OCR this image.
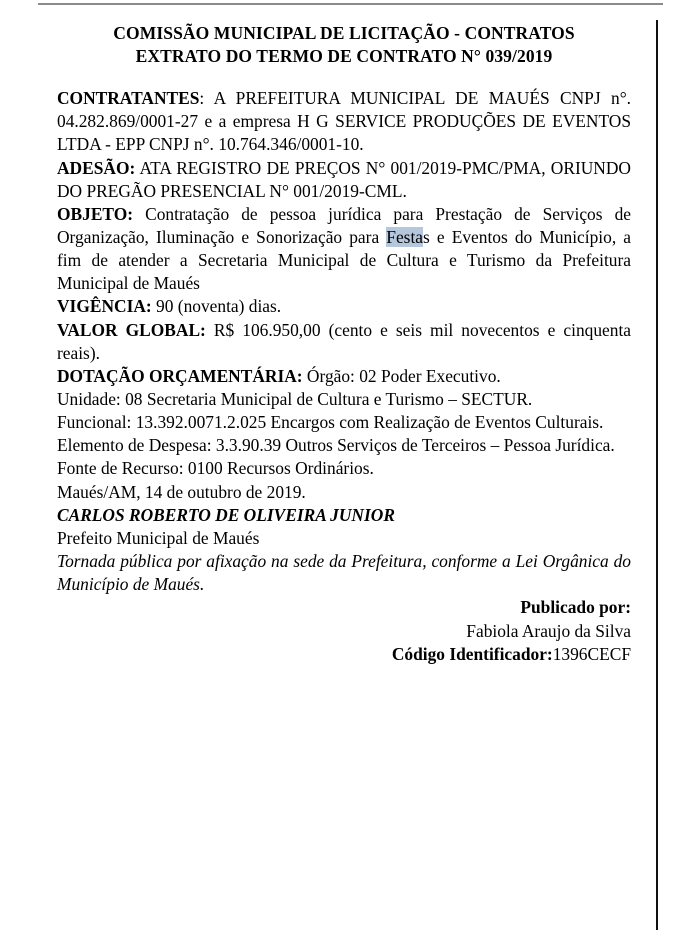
COMISSÃO MUNICIPAL DE LICITAÇÃO - CONTRATOS
EXTRATO DO TERMO DE CONTRATO N° 039/2019

CONTRATANTES: A PREFEITURA MUNICIPAL DE MAUÉS CNPJ n°. 04.282.869/0001-27 e a empresa H G SERVICE PRODUÇÕES DE EVENTOS LTDA - EPP CNPJ n°. 10.764.346/0001-10.

ADESÃO: ATA REGISTRO DE PREÇOS N° 001/2019-PMC/PMA, ORIUNDO DO PREGÃO PRESENCIAL N° 001/2019-CML.

OBJETO: Contratação de pessoa jurídica para Prestação de Serviços de Organização, Iluminação e Sonorização para Festas e Eventos do Município, a fim de atender a Secretaria Municipal de Cultura e Turismo da Prefeitura Municipal de Maués

VIGÊNCIA: 90 (noventa) dias.

VALOR GLOBAL: R$ 106.950,00 (cento e seis mil novecentos e cinquenta reais).

DOTAÇÃO ORÇAMENTÁRIA: Órgão: 02 Poder Executivo.

Unidade: 08 Secretaria Municipal de Cultura e Turismo – SECTUR.

Funcional: 13.392.0071.2.025 Encargos com Realização de Eventos Culturais.

Elemento de Despesa: 3.3.90.39 Outros Serviços de Terceiros – Pessoa Jurídica.

Fonte de Recurso: 0100 Recursos Ordinários.

Maués/AM, 14 de outubro de 2019.

CARLOS ROBERTO DE OLIVEIRA JUNIOR

Prefeito Municipal de Maués

Tornada pública por afixação na sede da Prefeitura, conforme a Lei Orgânica do Município de Maués.

Publicado por:
Fabiola Araujo da Silva
Código Identificador:1396CECF
